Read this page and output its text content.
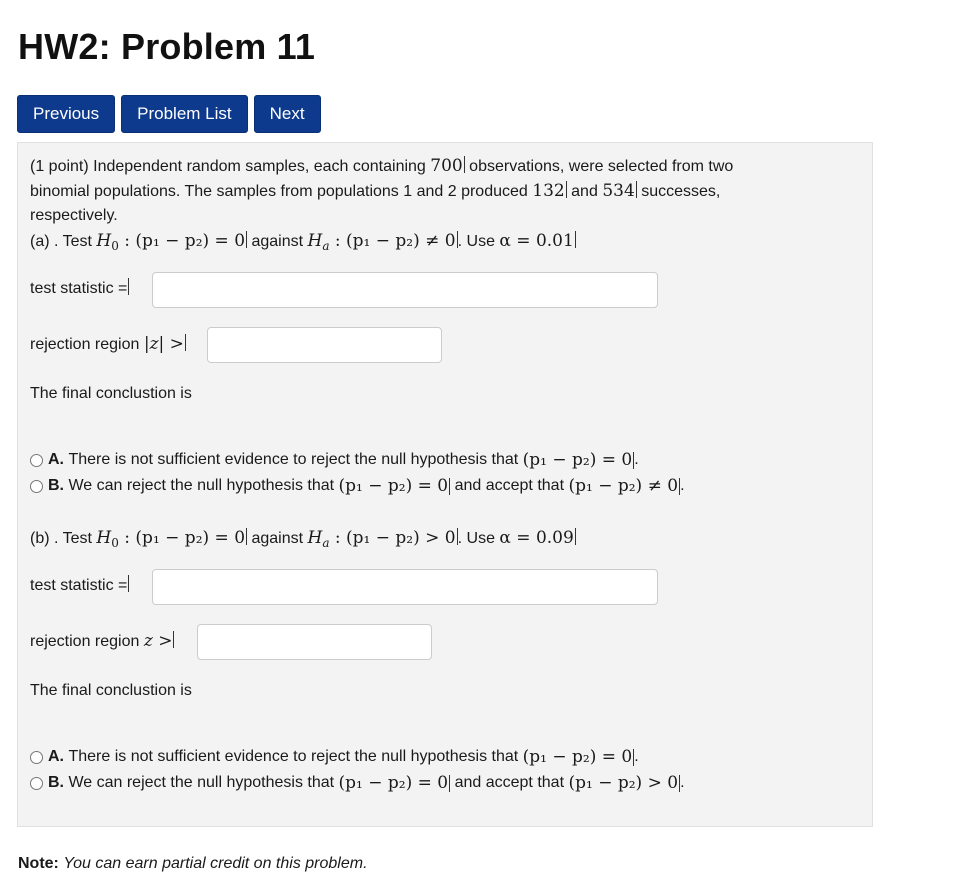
HW2: Problem 11
Previous	Problem List	Next
(1 point) Independent random samples, each containing 700 observations, were selected from two
binomial populations. The samples from populations 1 and 2 produced 132 and 534 successes,
respectively.
(a) . Test $H_0$ : (p₁ − p₂) = 0 against $H_a$ : (p₁ − p₂) ≠ 0 . Use α = 0.01
test statistic =
rejection region |z| >
The final conclustion is
A.
There is not sufficient evidence to reject the null hypothesis that
(p₁ − p₂) = 0 .
B.
We can reject the null hypothesis that
(p₁ − p₂) = 0
and accept that
(p₁ − p₂) ≠ 0 .
(b) . Test $H_0$ : (p₁ − p₂) = 0 against $H_a$ : (p₁ − p₂) > 0 . Use α = 0.09
test statistic =
rejection region z >
The final conclustion is
A.
There is not sufficient evidence to reject the null hypothesis that
(p₁ − p₂) = 0 .
B.
We can reject the null hypothesis that
(p₁ − p₂) = 0
and accept that
(p₁ − p₂) > 0 .
Note: You can earn partial credit on this problem.
